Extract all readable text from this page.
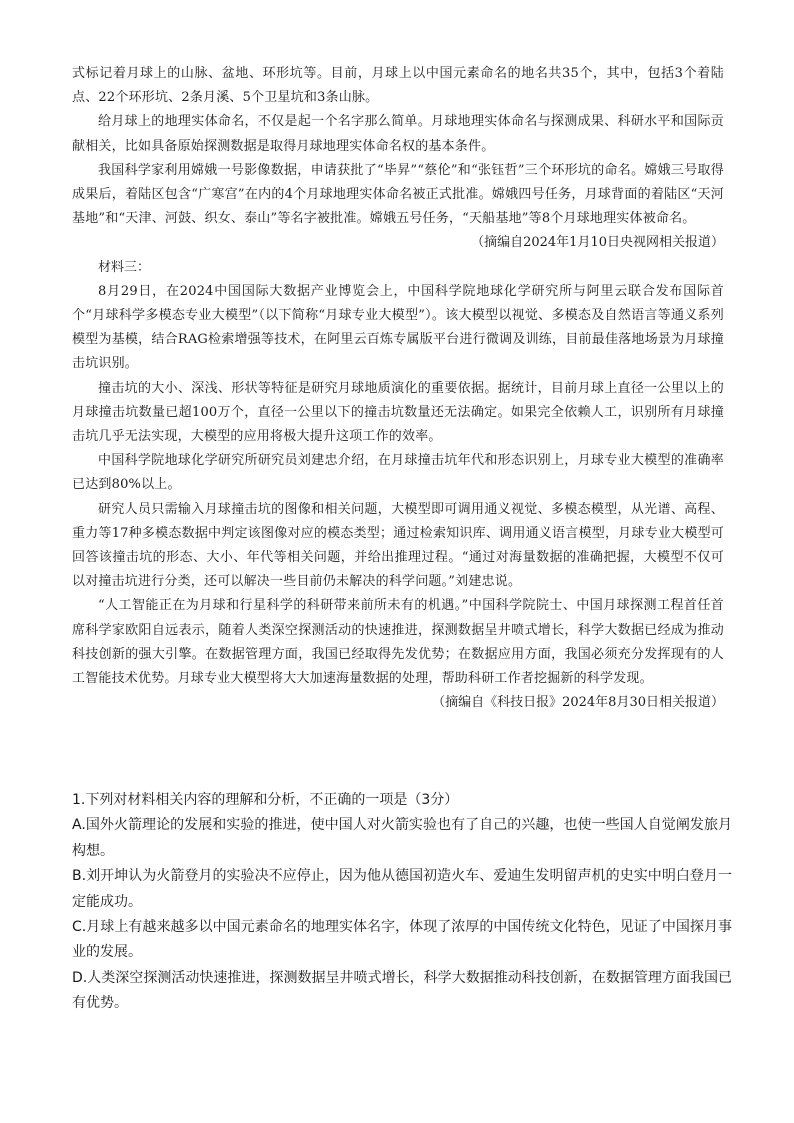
式标记着月球上的山脉、盆地、环形坑等。目前，月球上以中国元素命名的地名共35个，其中，包括3个着陆点、22个环形坑、2条月溪、5个卫星坑和3条山脉。

给月球上的地理实体命名，不仅是起一个名字那么简单。月球地理实体命名与探测成果、科研水平和国际贡献相关，比如具备原始探测数据是取得月球地理实体命名权的基本条件。

我国科学家利用嫦娥一号影像数据，申请获批了“毕昇”“蔡伦”和“张钰哲”三个环形坑的命名。嫦娥三号取得成果后，着陆区包含“广寒宫”在内的4个月球地理实体命名被正式批准。嫦娥四号任务，月球背面的着陆区“天河基地”和“天津、河鼓、织女、泰山”等名字被批准。嫦娥五号任务，“天船基地”等8个月球地理实体被命名。

（摘编自2024年1月10日央视网相关报道）

材料三：

8月29日，在2024中国国际大数据产业博览会上，中国科学院地球化学研究所与阿里云联合发布国际首个“月球科学多模态专业大模型”（以下简称“月球专业大模型”）。该大模型以视觉、多模态及自然语言等通义系列模型为基模，结合RAG检索增强等技术，在阿里云百炼专属版平台进行微调及训练，目前最佳落地场景为月球撞击坑识别。

撞击坑的大小、深浅、形状等特征是研究月球地质演化的重要依据。据统计，目前月球上直径一公里以上的月球撞击坑数量已超100万个，直径一公里以下的撞击坑数量还无法确定。如果完全依赖人工，识别所有月球撞击坑几乎无法实现，大模型的应用将极大提升这项工作的效率。

中国科学院地球化学研究所研究员刘建忠介绍，在月球撞击坑年代和形态识别上，月球专业大模型的准确率已达到80%以上。

研究人员只需输入月球撞击坑的图像和相关问题，大模型即可调用通义视觉、多模态模型，从光谱、高程、重力等17种多模态数据中判定该图像对应的模态类型；通过检索知识库、调用通义语言模型，月球专业大模型可回答该撞击坑的形态、大小、年代等相关问题，并给出推理过程。“通过对海量数据的准确把握，大模型不仅可以对撞击坑进行分类，还可以解决一些目前仍未解决的科学问题。”刘建忠说。

“人工智能正在为月球和行星科学的科研带来前所未有的机遇。”中国科学院院士、中国月球探测工程首任首席科学家欧阳自远表示，随着人类深空探测活动的快速推进，探测数据呈井喷式增长，科学大数据已经成为推动科技创新的强大引擎。在数据管理方面，我国已经取得先发优势；在数据应用方面，我国必须充分发挥现有的人工智能技术优势。月球专业大模型将大大加速海量数据的处理，帮助科研工作者挖掘新的科学发现。

（摘编自《科技日报》2024年8月30日相关报道）

1.下列对材料相关内容的理解和分析，不正确的一项是（3分）

A.国外火箭理论的发展和实验的推进，使中国人对火箭实验也有了自己的兴趣，也使一些国人自觉阐发旅月构想。

B.刘开坤认为火箭登月的实验决不应停止，因为他从德国初造火车、爱迪生发明留声机的史实中明白登月一定能成功。

C.月球上有越来越多以中国元素命名的地理实体名字，体现了浓厚的中国传统文化特色，见证了中国探月事业的发展。

D.人类深空探测活动快速推进，探测数据呈井喷式增长，科学大数据推动科技创新，在数据管理方面我国已有优势。
